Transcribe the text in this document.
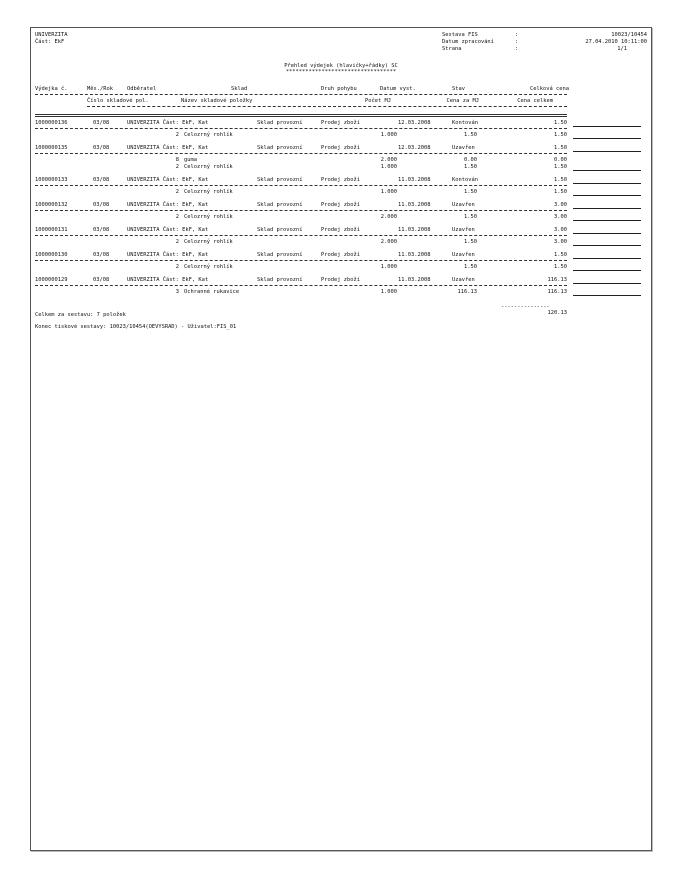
UNIVERZITA
Část: EkF
Sestava FIS	:	10023/10454
Datum zpracování	:	27.04.2010 10:11:00
Strana	:	1/1
Přehled výdejek (hlavičky+řádky) SC
**********************************
Výdejka č.	Měs./Rok	Odběratel	Sklad	Druh pohybu	Datum vyst.	Stav	Celková cena
Číslo skladové pol.	Název skladové položky	Počet MJ	Cena za MJ	Cena celkem
1000000136	03/08	UNIVERZITA Část: EkF, Kat	Sklad provozní	Prodej zboží	12.03.2008	Kontován	1.50
2 Celozrný rohlík	1.000	1.50	1.50
1000000135	03/08	UNIVERZITA Část: EkF, Kat	Sklad provozní	Prodej zboží	12.03.2008	Uzavřen	1.50
8 guma	2.000	0.00	0.00
2 Celozrný rohlík	1.000	1.50	1.50
1000000133	03/08	UNIVERZITA Část: EkF, Kat	Sklad provozní	Prodej zboží	11.03.2008	Kontován	1.50
2 Celozrný rohlík	1.000	1.50	1.50
1000000132	03/08	UNIVERZITA Část: EkF, Kat	Sklad provozní	Prodej zboží	11.03.2008	Uzavřen	3.00
2 Celozrný rohlík	2.000	1.50	3.00
1000000131	03/08	UNIVERZITA Část: EkF, Kat	Sklad provozní	Prodej zboží	11.03.2008	Uzavřen	3.00
2 Celozrný rohlík	2.000	1.50	3.00
1000000130	03/08	UNIVERZITA Část: EkF, Kat	Sklad provozní	Prodej zboží	11.03.2008	Uzavřen	1.50
2 Celozrný rohlík	1.000	1.50	1.50
1000000129	03/08	UNIVERZITA Část: EkF, Kat	Sklad provozní	Prodej zboží	11.03.2008	Uzavřen	116.13
3 Ochranné rukavice	1.000	116.13	116.13
---------------
120.13
Celkem za sestavu: 7 položek
Konec tiskové sestavy: 10023/10454(OEVYSRAD) - Uživatel:FIS_01
